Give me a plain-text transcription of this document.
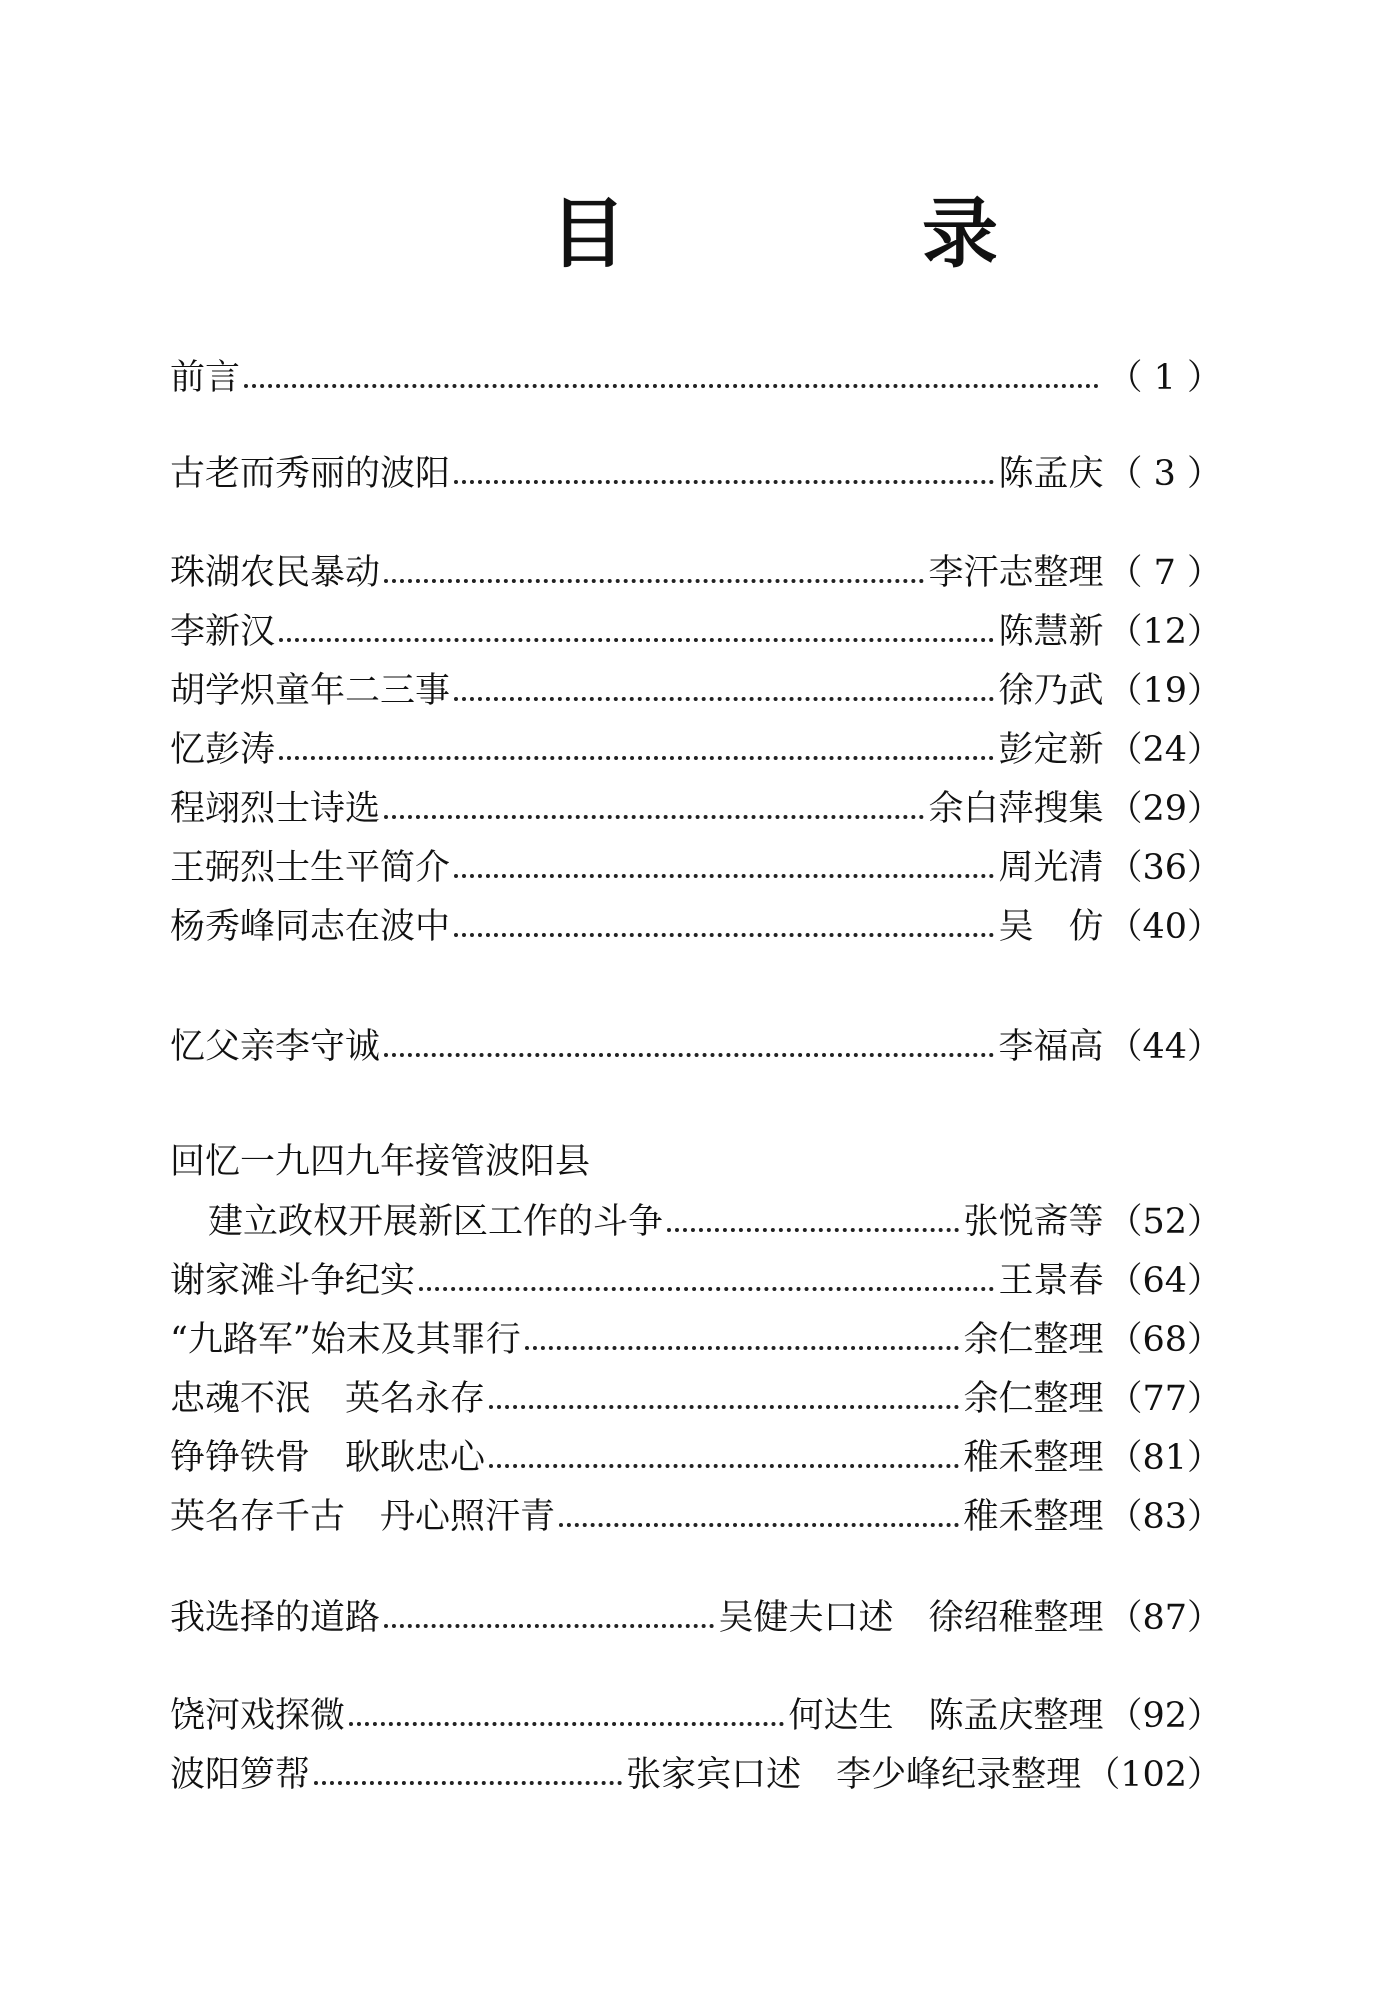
目　录
前言	（ 1 ）
古老而秀丽的波阳	陈孟庆 （ 3 ）
珠湖农民暴动	李汗志整理 （ 7 ）
李新汉	陈慧新 （12）
胡学炽童年二三事	徐乃武 （19）
忆彭涛	彭定新 （24）
程翊烈士诗选	余白萍搜集 （29）
王弼烈士生平简介	周光清 （36）
杨秀峰同志在波中	吴　仿 （40）
忆父亲李守诚	李福高 （44）
回忆一九四九年接管波阳县
建立政权开展新区工作的斗争	张悦斋等 （52）
谢家滩斗争纪实	王景春 （64）
“九路军”始末及其罪行	余仁整理 （68）
忠魂不泯　英名永存	余仁整理 （77）
铮铮铁骨　耿耿忠心	稚禾整理 （81）
英名存千古　丹心照汗青	稚禾整理 （83）
我选择的道路	吴健夫口述　徐绍稚整理 （87）
饶河戏探微	何达生　陈孟庆整理 （92）
波阳箩帮	张家宾口述　李少峰纪录整理 （102）
